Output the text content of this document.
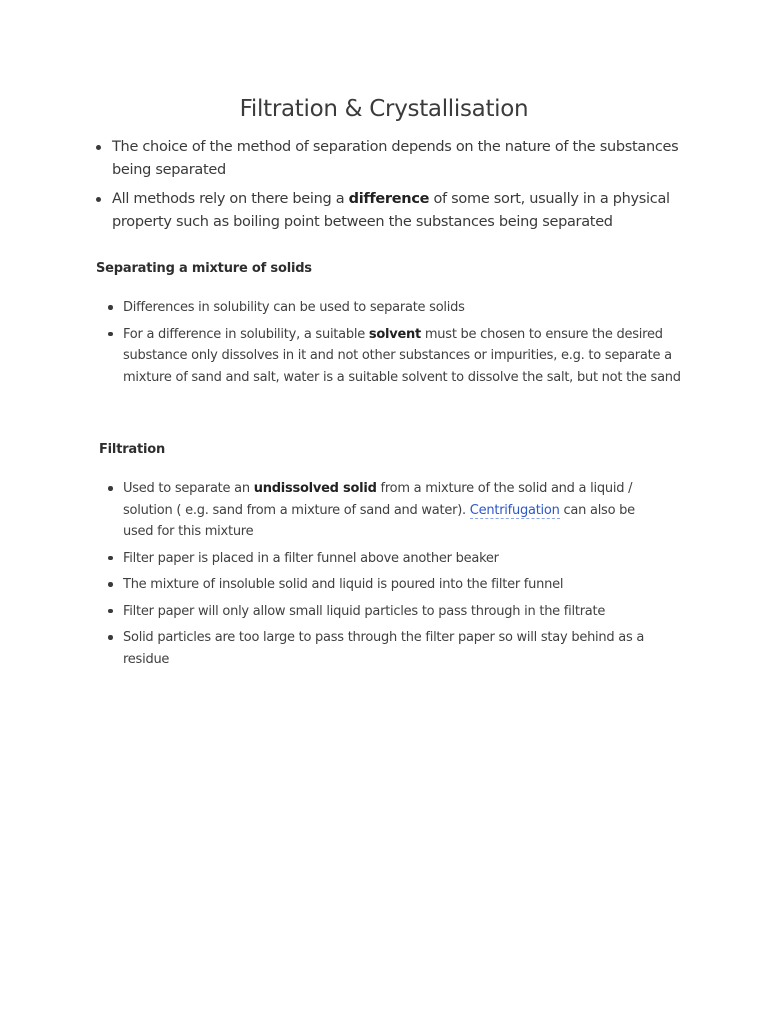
Filtration & Crystallisation
The choice of the method of separation depends on the nature of the substances being separated
All methods rely on there being a difference of some sort, usually in a physical property such as boiling point between the substances being separated
Separating a mixture of solids
Differences in solubility can be used to separate solids
For a difference in solubility, a suitable solvent must be chosen to ensure the desired substance only dissolves in it and not other substances or impurities, e.g. to separate a mixture of sand and salt, water is a suitable solvent to dissolve the salt, but not the sand
Filtration
Used to separate an undissolved solid from a mixture of the solid and a liquid / solution ( e.g. sand from a mixture of sand and water). Centrifugation can also be used for this mixture
Filter paper is placed in a filter funnel above another beaker
The mixture of insoluble solid and liquid is poured into the filter funnel
Filter paper will only allow small liquid particles to pass through in the filtrate
Solid particles are too large to pass through the filter paper so will stay behind as a residue
